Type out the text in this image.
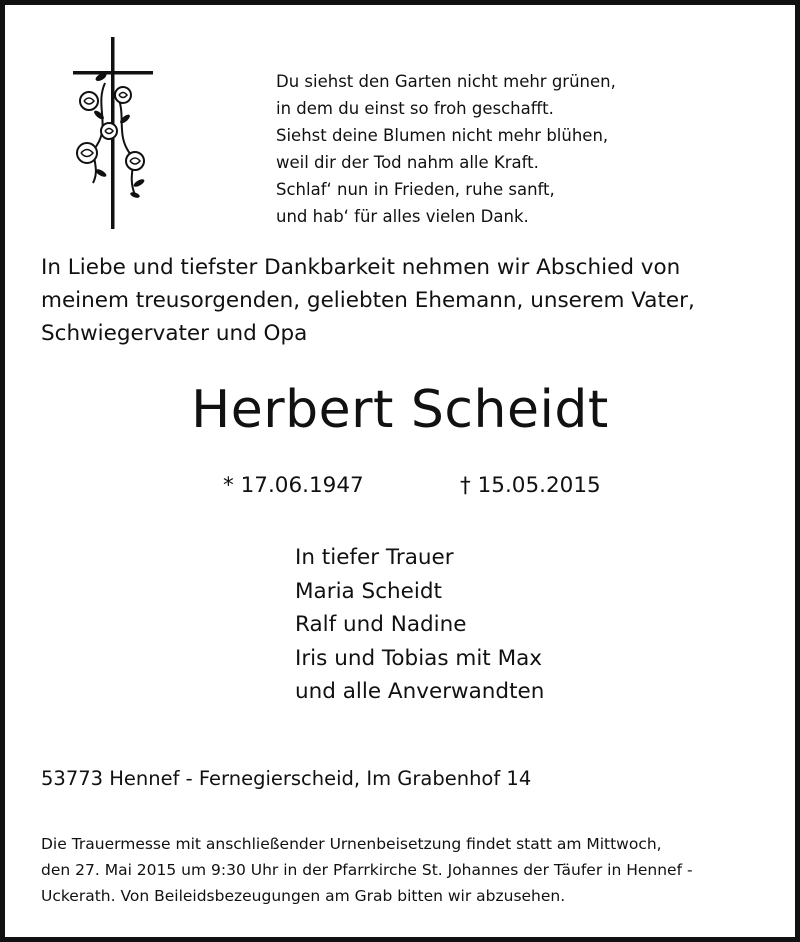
Du siehst den Garten nicht mehr grünen,
in dem du einst so froh geschafft.
Siehst deine Blumen nicht mehr blühen,
weil dir der Tod nahm alle Kraft.
Schlaf‘ nun in Frieden, ruhe sanft,
und hab‘ für alles vielen Dank.
In Liebe und tiefster Dankbarkeit nehmen wir Abschied von
meinem treusorgenden, geliebten Ehemann, unserem Vater,
Schwiegervater und Opa
Herbert Scheidt
* 17.06.1947	† 15.05.2015
In tiefer Trauer
Maria Scheidt
Ralf und Nadine
Iris und Tobias mit Max
und alle Anverwandten
53773 Hennef - Fernegierscheid, Im Grabenhof 14
Die Trauermesse mit anschließender Urnenbeisetzung findet statt am Mittwoch,
den 27. Mai 2015 um 9:30 Uhr in der Pfarrkirche St. Johannes der Täufer in Hennef -
Uckerath. Von Beileidsbezeugungen am Grab bitten wir abzusehen.
